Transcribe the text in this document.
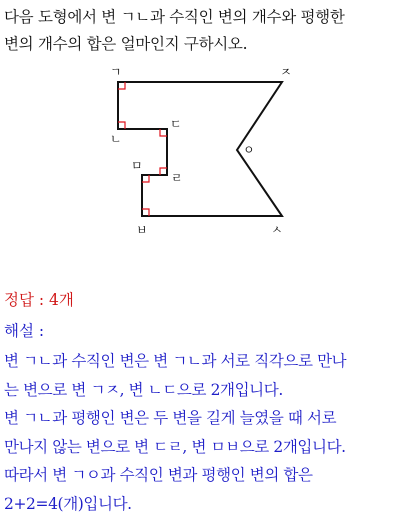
다음 도형에서 변 ㄱㄴ과 수직인 변의 개수와 평행한
변의 개수의 합은 얼마인지 구하시오.
ㄱ	ㅈ
ㄴ
ㄷ
ㅇ
ㅁ
ㄹ
ㅂ	ㅅ
정답 : 4개
해설 :
변 ㄱㄴ과 수직인 변은 변 ㄱㄴ과 서로 직각으로 만나
는 변으로 변 ㄱㅈ, 변 ㄴㄷ으로 2개입니다.
변 ㄱㄴ과 평행인 변은 두 변을 길게 늘였을 때 서로
만나지 않는 변으로 변 ㄷㄹ, 변 ㅁㅂ으로 2개입니다.
따라서 변 ㄱㅇ과 수직인 변과 평행인 변의 합은
2+2=4(개)입니다.
